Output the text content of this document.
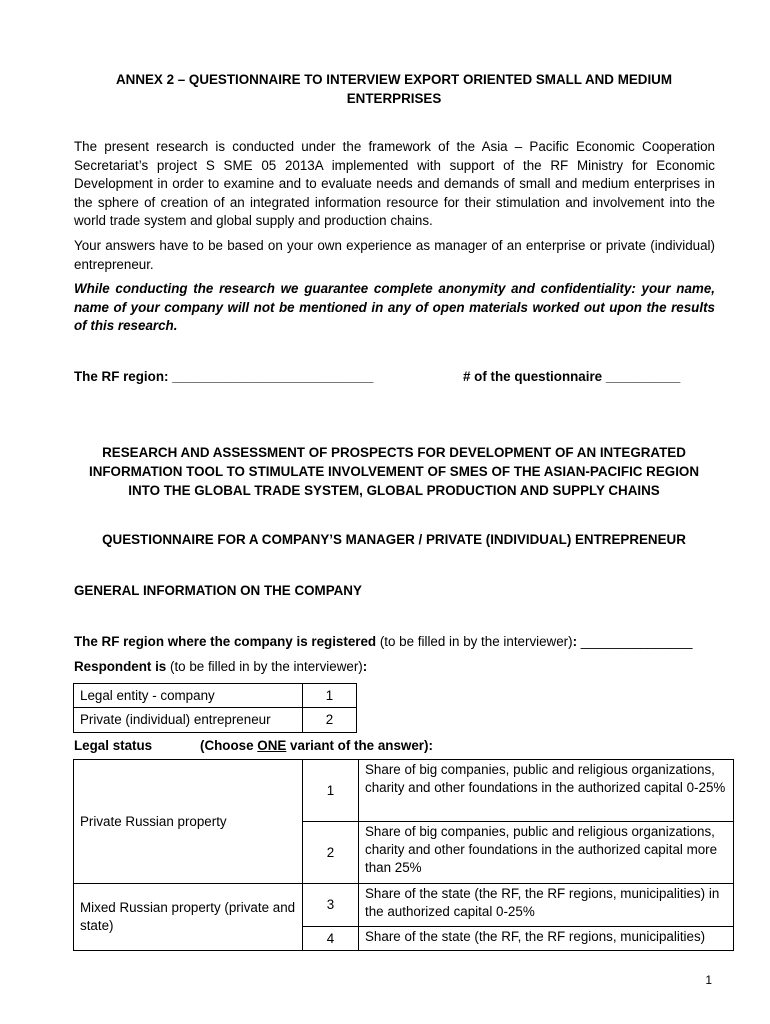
ANNEX 2 – QUESTIONNAIRE TO INTERVIEW EXPORT ORIENTED SMALL AND MEDIUM
ENTERPRISES
The present research is conducted under the framework of the Asia – Pacific Economic Cooperation Secretariat’s project S SME 05 2013A implemented with support of the RF Ministry for Economic Development in order to examine and to evaluate needs and demands of small and medium enterprises in the sphere of creation of an integrated information resource for their stimulation and involvement into the world trade system and global supply and production chains.
Your answers have to be based on your own experience as manager of an enterprise or private (individual) entrepreneur.
While conducting the research we guarantee complete anonymity and confidentiality: your name, name of your company will not be mentioned in any of open materials worked out upon the results of this research.
The RF region: ___________________________	# of the questionnaire __________
RESEARCH AND ASSESSMENT OF PROSPECTS FOR DEVELOPMENT OF AN INTEGRATED
INFORMATION TOOL TO STIMULATE INVOLVEMENT OF SMES OF THE ASIAN-PACIFIC REGION
INTO THE GLOBAL TRADE SYSTEM, GLOBAL PRODUCTION AND SUPPLY CHAINS
QUESTIONNAIRE FOR A COMPANY’S MANAGER / PRIVATE (INDIVIDUAL) ENTREPRENEUR
GENERAL INFORMATION ON THE COMPANY
The RF region where the company is registered (to be filled in by the interviewer): _______________
Respondent is (to be filled in by the interviewer):
Legal entity - company	1
Private (individual) entrepreneur	2
Legal status	(Choose ONE variant of the answer):
Private Russian property	1	Share of big companies, public and religious organizations, charity and other foundations in the authorized capital 0-25%
	2	Share of big companies, public and religious organizations, charity and other foundations in the authorized capital more than 25%
Mixed Russian property (private and state)	3	Share of the state (the RF, the RF regions, municipalities) in the authorized capital 0-25%
	4	Share of the state (the RF, the RF regions, municipalities)
1
